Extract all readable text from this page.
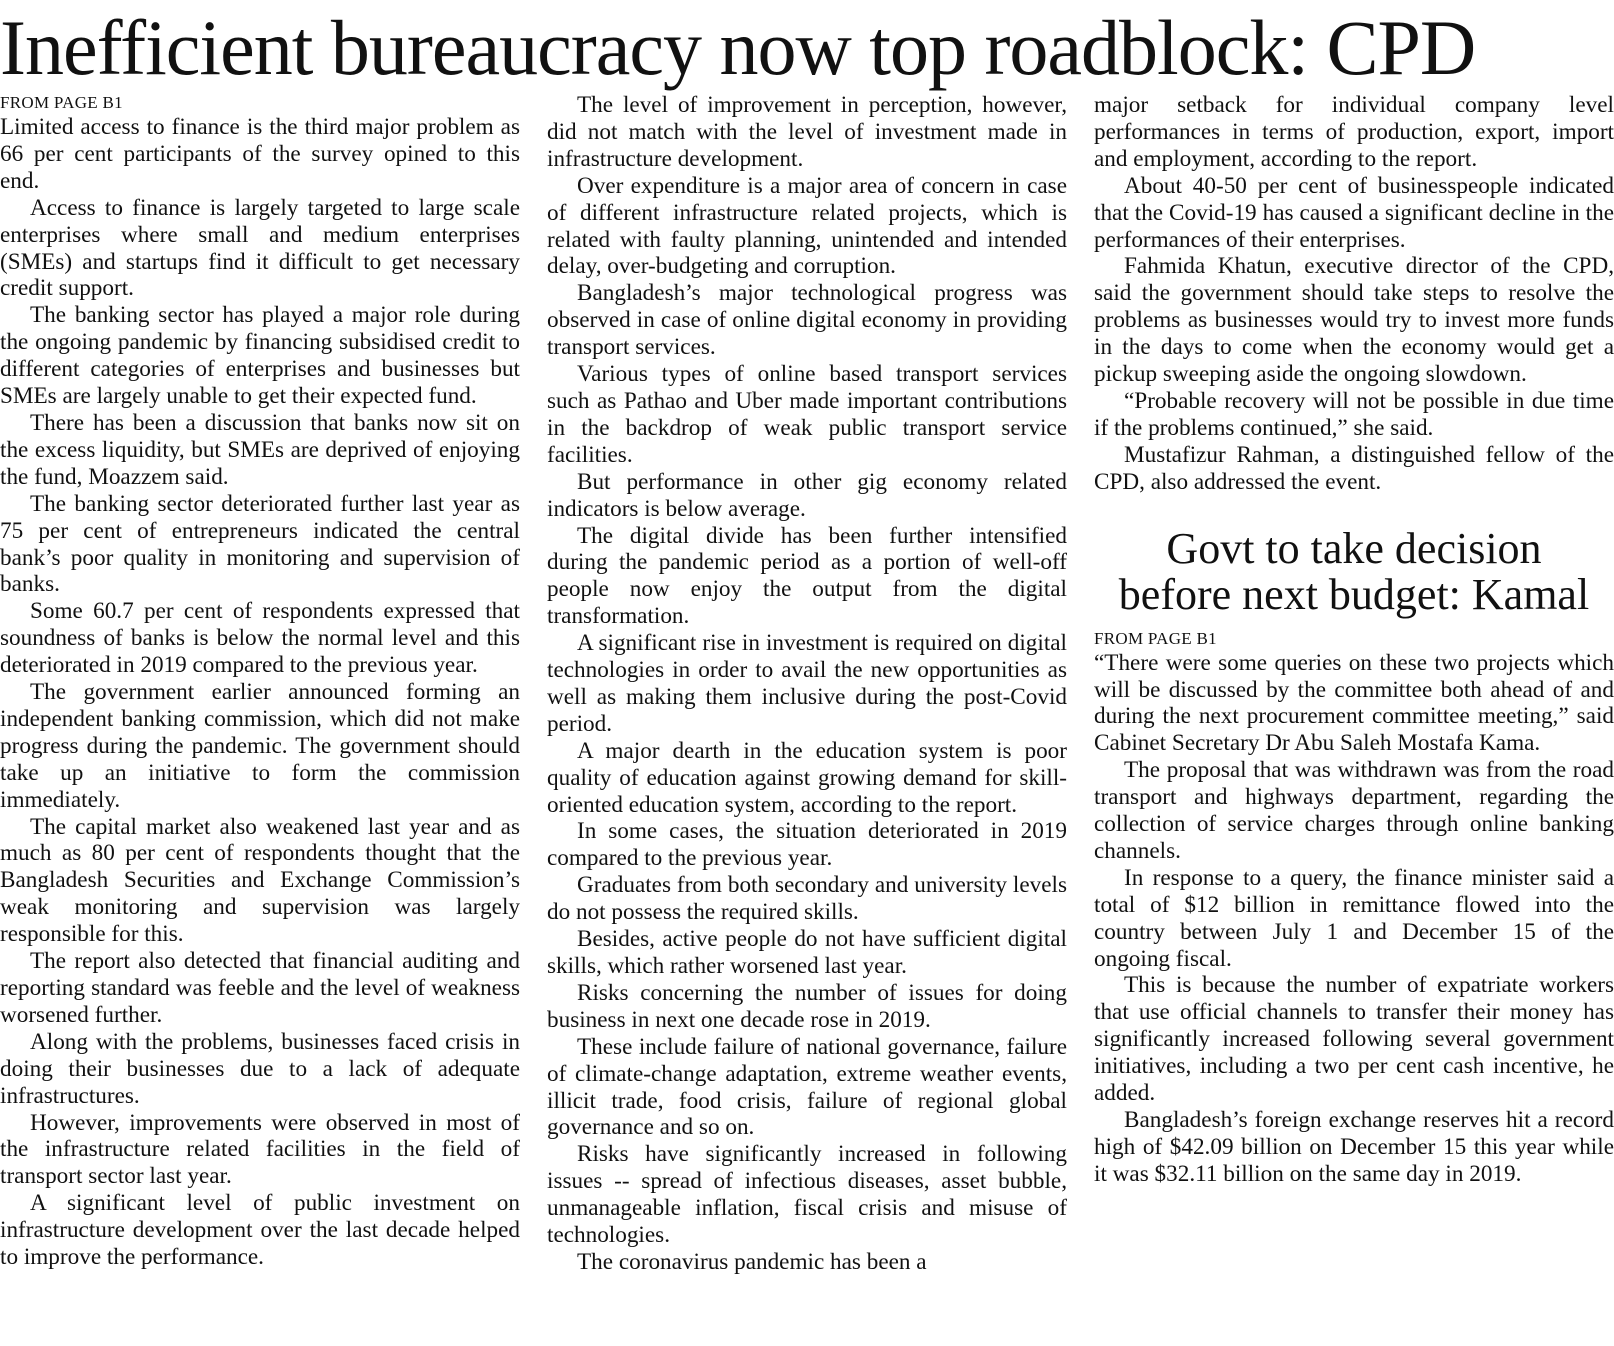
Inefficient bureaucracy now top roadblock: CPD
FROM PAGE B1

Limited access to finance is the third major problem as 66 per cent participants of the survey opined to this end.

Access to finance is largely targeted to large scale enterprises where small and medium enterprises (SMEs) and startups find it difficult to get necessary credit support.

The banking sector has played a major role during the ongoing pandemic by financing subsidised credit to different categories of enterprises and businesses but SMEs are largely unable to get their expected fund.

There has been a discussion that banks now sit on the excess liquidity, but SMEs are deprived of enjoying the fund, Moazzem said.

The banking sector deteriorated further last year as 75 per cent of entrepreneurs indicated the central bank’s poor quality in monitoring and supervision of banks.

Some 60.7 per cent of respondents expressed that soundness of banks is below the normal level and this deteriorated in 2019 compared to the previous year.

The government earlier announced forming an independent banking commission, which did not make progress during the pandemic. The government should take up an initiative to form the commission immediately.

The capital market also weakened last year and as much as 80 per cent of respondents thought that the Bangladesh Securities and Exchange Commission’s weak monitoring and supervision was largely responsible for this.

The report also detected that financial auditing and reporting standard was feeble and the level of weakness worsened further.

Along with the problems, businesses faced crisis in doing their businesses due to a lack of adequate infrastructures.

However, improvements were observed in most of the infrastructure related facilities in the field of transport sector last year.

A significant level of public investment on infrastructure development over the last decade helped to improve the performance.

The level of improvement in perception, however, did not match with the level of investment made in infrastructure development.

Over expenditure is a major area of concern in case of different infrastructure related projects, which is related with faulty planning, unintended and intended delay, over-budgeting and corruption.

Bangladesh’s major technological progress was observed in case of online digital economy in providing transport services.

Various types of online based transport services such as Pathao and Uber made important contributions in the backdrop of weak public transport service facilities.

But performance in other gig economy related indicators is below average.

The digital divide has been further intensified during the pandemic period as a portion of well-off people now enjoy the output from the digital transformation.

A significant rise in investment is required on digital technologies in order to avail the new opportunities as well as making them inclusive during the post-Covid period.

A major dearth in the education system is poor quality of education against growing demand for skill-oriented education system, according to the report.

In some cases, the situation deteriorated in 2019 compared to the previous year.

Graduates from both secondary and university levels do not possess the required skills.

Besides, active people do not have sufficient digital skills, which rather worsened last year.

Risks concerning the number of issues for doing business in next one decade rose in 2019.

These include failure of national governance, failure of climate-change adaptation, extreme weather events, illicit trade, food crisis, failure of regional global governance and so on.

Risks have significantly increased in following issues -- spread of infectious diseases, asset bubble, unmanageable inflation, fiscal crisis and misuse of technologies.

The coronavirus pandemic has been a

major setback for individual company level performances in terms of production, export, import and employment, according to the report.

About 40-50 per cent of businesspeople indicated that the Covid-19 has caused a significant decline in the performances of their enterprises.

Fahmida Khatun, executive director of the CPD, said the government should take steps to resolve the problems as businesses would try to invest more funds in the days to come when the economy would get a pickup sweeping aside the ongoing slowdown.

“Probable recovery will not be possible in due time if the problems continued,” she said.

Mustafizur Rahman, a distinguished fellow of the CPD, also addressed the event.

Govt to take decision
before next budget: Kamal
FROM PAGE B1

“There were some queries on these two projects which will be discussed by the committee both ahead of and during the next procurement committee meeting,” said Cabinet Secretary Dr Abu Saleh Mostafa Kama.

The proposal that was withdrawn was from the road transport and highways department, regarding the collection of service charges through online banking channels.

In response to a query, the finance minister said a total of $12 billion in remittance flowed into the country between July 1 and December 15 of the ongoing fiscal.

This is because the number of expatriate workers that use official channels to transfer their money has significantly increased following several government initiatives, including a two per cent cash incentive, he added.

Bangladesh’s foreign exchange reserves hit a record high of $42.09 billion on December 15 this year while it was $32.11 billion on the same day in 2019.
